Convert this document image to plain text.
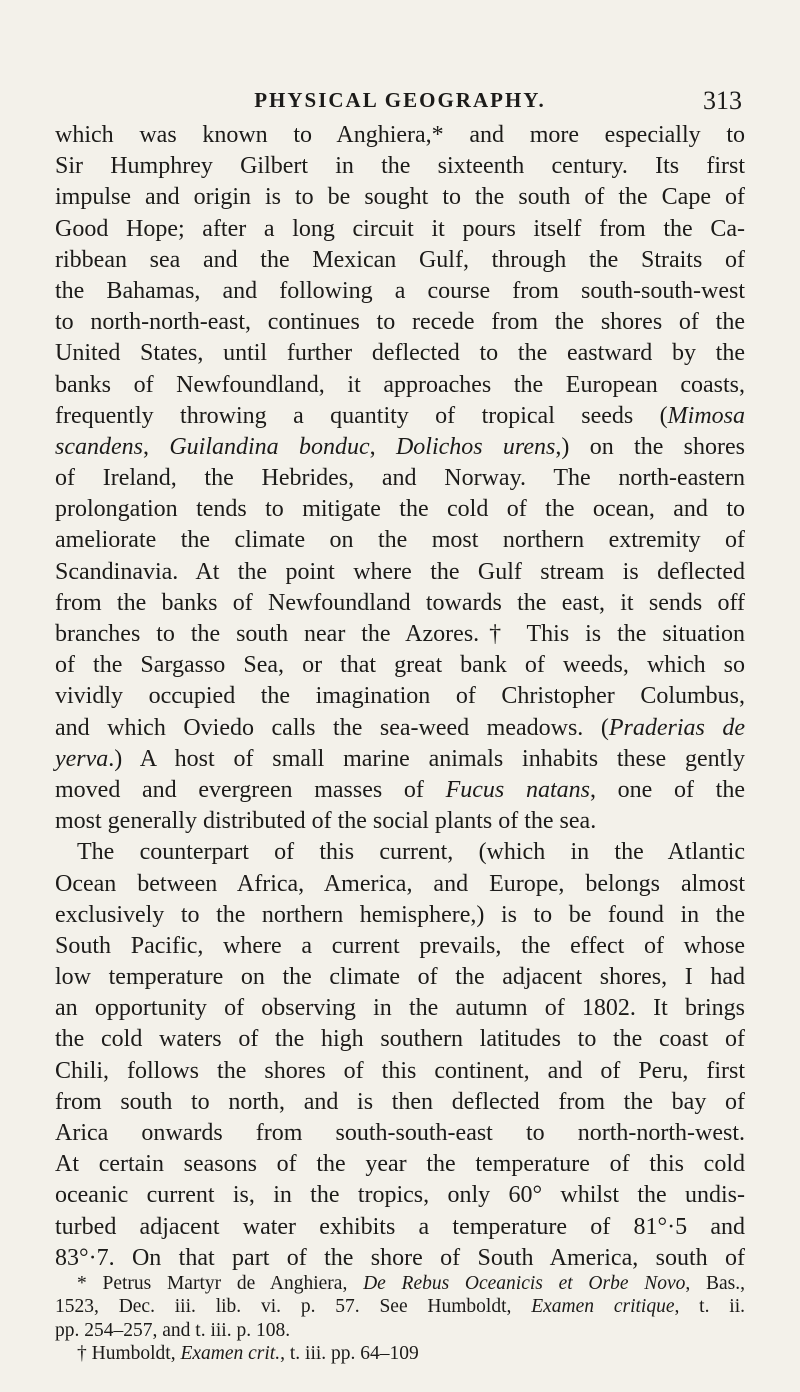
PHYSICAL GEOGRAPHY.	313
which was known to Anghiera,* and more especially to
Sir Humphrey Gilbert in the sixteenth century. Its first
impulse and origin is to be sought to the south of the Cape of
Good Hope; after a long circuit it pours itself from the Ca-
ribbean sea and the Mexican Gulf, through the Straits of
the Bahamas, and following a course from south-south-west
to north-north-east, continues to recede from the shores of the
United States, until further deflected to the eastward by the
banks of Newfoundland, it approaches the European coasts,
frequently throwing a quantity of tropical seeds (Mimosa
scandens, Guilandina bonduc, Dolichos urens,) on the shores
of Ireland, the Hebrides, and Norway. The north-eastern
prolongation tends to mitigate the cold of the ocean, and to
ameliorate the climate on the most northern extremity of
Scandinavia. At the point where the Gulf stream is deflected
from the banks of Newfoundland towards the east, it sends off
branches to the south near the Azores.† This is the situation
of the Sargasso Sea, or that great bank of weeds, which so
vividly occupied the imagination of Christopher Columbus,
and which Oviedo calls the sea-weed meadows. (Praderias de
yerva.) A host of small marine animals inhabits these gently
moved and evergreen masses of Fucus natans, one of the
most generally distributed of the social plants of the sea.
The counterpart of this current, (which in the Atlantic
Ocean between Africa, America, and Europe, belongs almost
exclusively to the northern hemisphere,) is to be found in the
South Pacific, where a current prevails, the effect of whose
low temperature on the climate of the adjacent shores, I had
an opportunity of observing in the autumn of 1802. It brings
the cold waters of the high southern latitudes to the coast of
Chili, follows the shores of this continent, and of Peru, first
from south to north, and is then deflected from the bay of
Arica onwards from south-south-east to north-north-west.
At certain seasons of the year the temperature of this cold
oceanic current is, in the tropics, only 60° whilst the undis-
turbed adjacent water exhibits a temperature of 81°·5 and
83°·7. On that part of the shore of South America, south of
* Petrus Martyr de Anghiera, De Rebus Oceanicis et Orbe Novo, Bas.,
1523, Dec. iii. lib. vi. p. 57. See Humboldt, Examen critique, t. ii.
pp. 254–257, and t. iii. p. 108.
† Humboldt, Examen crit., t. iii. pp. 64–109
